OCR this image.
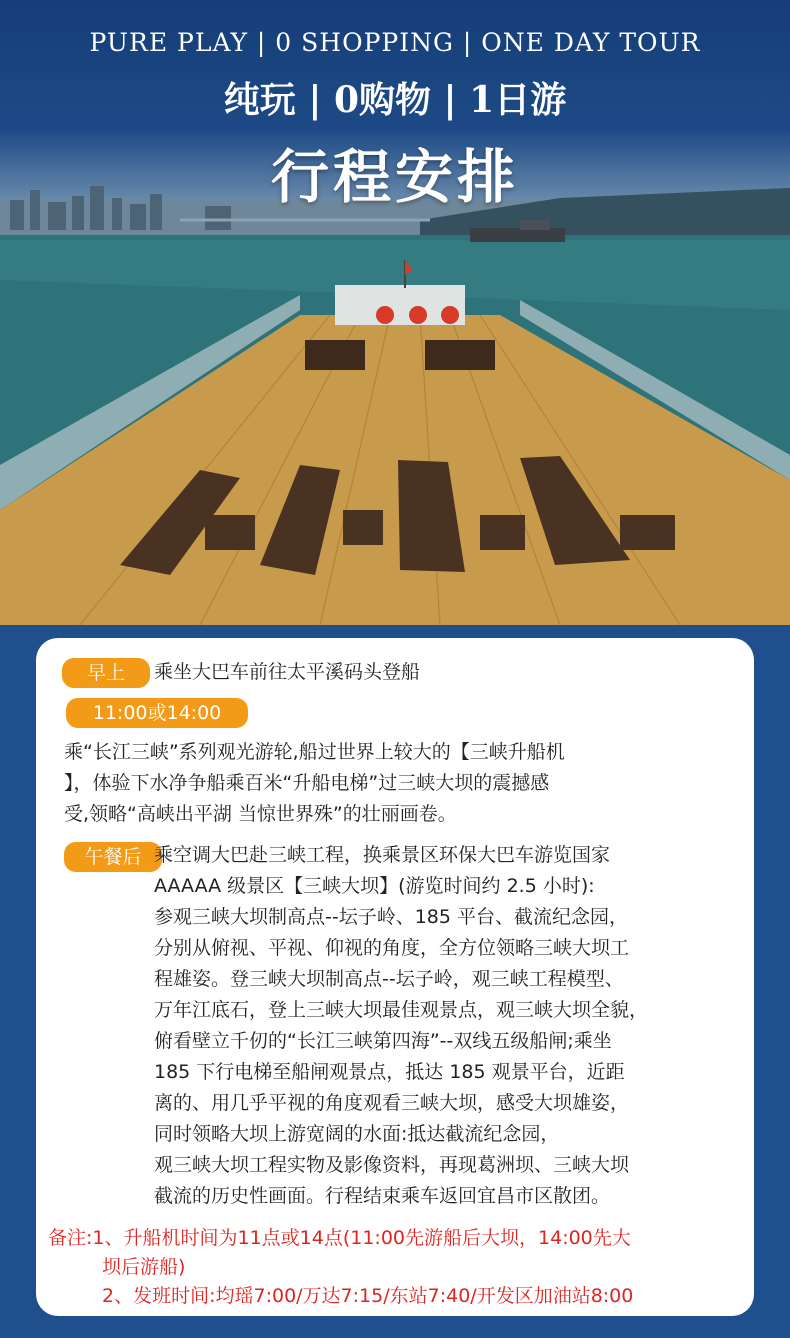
PURE PLAY | 0 SHOPPING | ONE DAY TOUR
纯玩 | 0购物 | 1日游
行程安排
早上	乘坐大巴车前往太平溪码头登船
11:00或14:00
乘“长江三峡”系列观光游轮,船过世界上较大的【三峡升船机
】，体验下水净争船乘百米“升船电梯”过三峡大坝的震撼感
受,领略“高峡出平湖 当惊世界殊”的壮丽画卷。
午餐后 乘空调大巴赴三峡工程，换乘景区环保大巴车游览国家
AAAAA 级景区【三峡大坝】(游览时间约 2.5 小时):
参观三峡大坝制高点--坛子岭、185 平台、截流纪念园，
分别从俯视、平视、仰视的角度，全方位领略三峡大坝工
程雄姿。登三峡大坝制高点--坛子岭，观三峡工程模型、
万年江底石，登上三峡大坝最佳观景点，观三峡大坝全貌，
俯看壁立千仞的“长江三峡第四海”--双线五级船闸;乘坐
185 下行电梯至船闸观景点，抵达 185 观景平台，近距
离的、用几乎平视的角度观看三峡大坝，感受大坝雄姿，
同时领略大坝上游宽阔的水面:抵达截流纪念园，
观三峡大坝工程实物及影像资料，再现葛洲坝、三峡大坝
截流的历史性画面。行程结束乘车返回宜昌市区散团。
备注:1、升船机时间为11点或14点(11:00先游船后大坝，14:00先大
坝后游船)
2、发班时间:均瑶7:00/万达7:15/东站7:40/开发区加油站8:00
